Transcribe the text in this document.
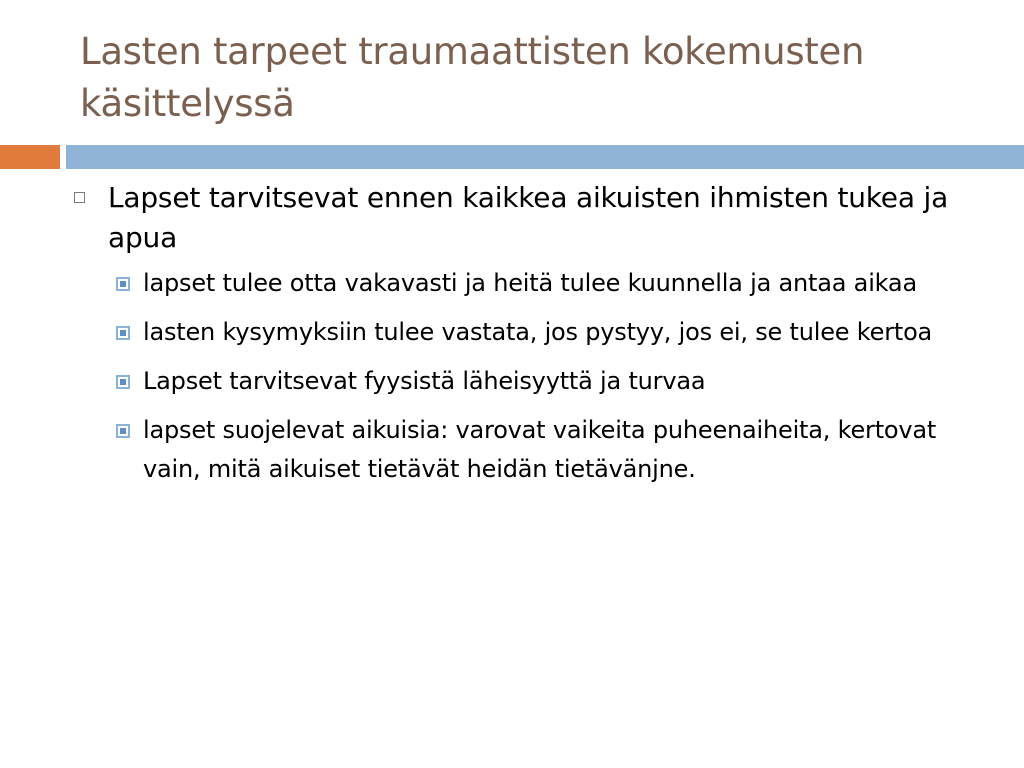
Lasten tarpeet traumaattisten kokemusten käsittelyssä
Lapset tarvitsevat ennen kaikkea aikuisten ihmisten tukea ja apua
lapset tulee otta vakavasti ja heitä tulee kuunnella ja antaa aikaa
lasten kysymyksiin tulee vastata, jos pystyy, jos ei, se tulee kertoa
Lapset tarvitsevat fyysistä läheisyyttä ja turvaa
lapset suojelevat aikuisia: varovat vaikeita puheenaiheita, kertovat vain, mitä aikuiset tietävät heidän tietävänjne.
